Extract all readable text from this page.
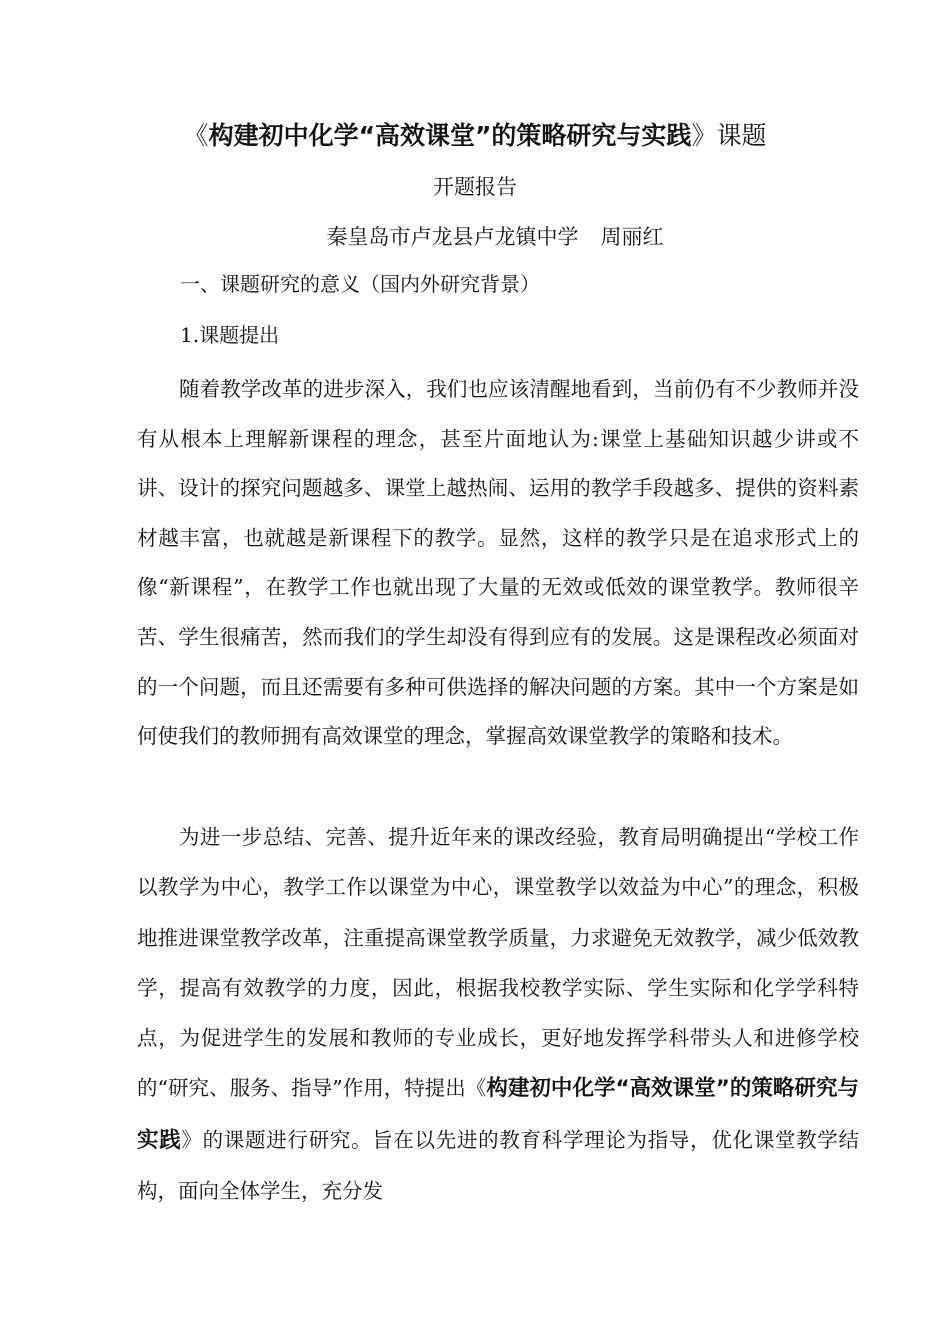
《构建初中化学“高效课堂”的策略研究与实践》课题
开题报告
秦皇岛市卢龙县卢龙镇中学 周丽红
一、课题研究的意义（国内外研究背景）
1.课题提出

随着教学改革的进步深入，我们也应该清醒地看到，当前仍有不少教师并没有从根本上理解新课程的理念，甚至片面地认为:课堂上基础知识越少讲或不讲、设计的探究问题越多、课堂上越热闹、运用的教学手段越多、提供的资料素材越丰富，也就越是新课程下的教学。显然，这样的教学只是在追求形式上的像“新课程”，在教学工作也就出现了大量的无效或低效的课堂教学。教师很辛苦、学生很痛苦，然而我们的学生却没有得到应有的发展。这是课程改必须面对的一个问题，而且还需要有多种可供选择的解决问题的方案。其中一个方案是如何使我们的教师拥有高效课堂的理念，掌握高效课堂教学的策略和技术。

为进一步总结、完善、提升近年来的课改经验，教育局明确提出“学校工作以教学为中心，教学工作以课堂为中心，课堂教学以效益为中心”的理念，积极地推进课堂教学改革，注重提高课堂教学质量，力求避免无效教学，减少低效教学，提高有效教学的力度，因此，根据我校教学实际、学生实际和化学学科特点，为促进学生的发展和教师的专业成长，更好地发挥学科带头人和进修学校的“研究、服务、指导”作用，特提出《构建初中化学“高效课堂”的策略研究与实践》的课题进行研究。旨在以先进的教育科学理论为指导，优化课堂教学结构，面向全体学生，充分发
